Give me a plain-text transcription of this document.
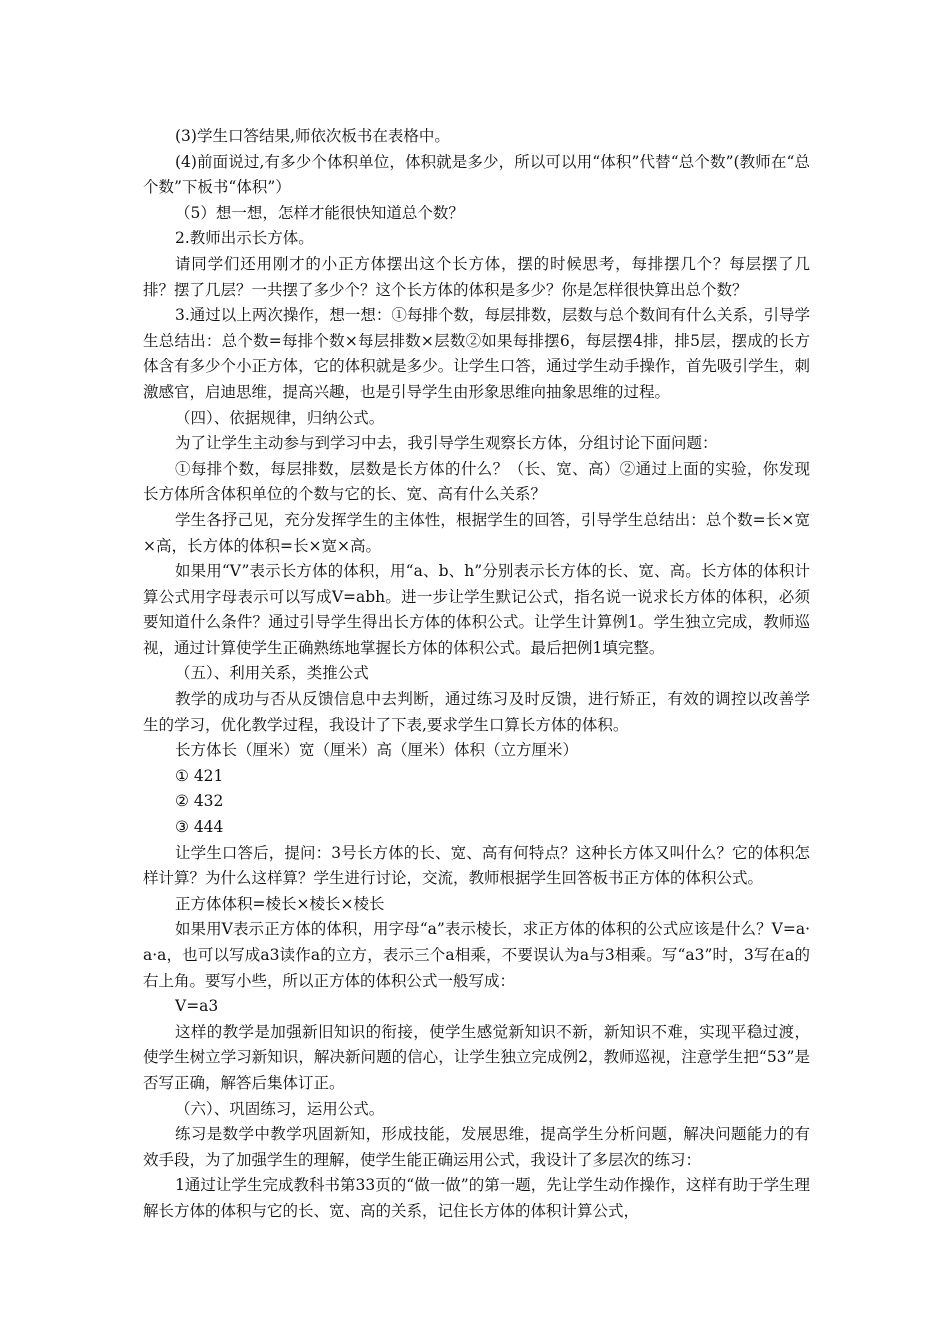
(3)学生口答结果,师依次板书在表格中。

(4)前面说过,有多少个体积单位，体积就是多少，所以可以用“体积”代替“总个数”(教师在“总个数”下板书“体积”）

（5）想一想，怎样才能很快知道总个数？

2.教师出示长方体。

请同学们还用刚才的小正方体摆出这个长方体，摆的时候思考，每排摆几个？每层摆了几排？摆了几层？一共摆了多少个？这个长方体的体积是多少？你是怎样很快算出总个数？

3.通过以上两次操作，想一想：①每排个数，每层排数，层数与总个数间有什么关系，引导学生总结出：总个数=每排个数×每层排数×层数②如果每排摆6，每层摆4排，排5层，摆成的长方体含有多少个小正方体，它的体积就是多少。让学生口答，通过学生动手操作，首先吸引学生，刺激感官，启迪思维，提高兴趣，也是引导学生由形象思维向抽象思维的过程。

（四）、依据规律，归纳公式。

为了让学生主动参与到学习中去，我引导学生观察长方体，分组讨论下面问题：

①每排个数，每层排数，层数是长方体的什么？（长、宽、高）②通过上面的实验，你发现长方体所含体积单位的个数与它的长、宽、高有什么关系？

学生各抒己见，充分发挥学生的主体性，根据学生的回答，引导学生总结出：总个数=长×宽×高，长方体的体积=长×宽×高。

如果用“V”表示长方体的体积，用“a、b、h”分别表示长方体的长、宽、高。长方体的体积计算公式用字母表示可以写成V=abh。进一步让学生默记公式，指名说一说求长方体的体积，必须要知道什么条件？通过引导学生得出长方体的体积公式。让学生计算例1。学生独立完成，教师巡视，通过计算使学生正确熟练地掌握长方体的体积公式。最后把例1填完整。

（五）、利用关系，类推公式

教学的成功与否从反馈信息中去判断，通过练习及时反馈，进行矫正，有效的调控以改善学生的学习，优化教学过程，我设计了下表,要求学生口算长方体的体积。

长方体长（厘米）宽（厘米）高（厘米）体积（立方厘米）

① 421

② 432

③ 444

让学生口答后，提问：3号长方体的长、宽、高有何特点？这种长方体又叫什么？它的体积怎样计算？为什么这样算？学生进行讨论，交流，教师根据学生回答板书正方体的体积公式。

正方体体积=棱长×棱长×棱长

如果用V表示正方体的体积，用字母“a”表示棱长，求正方体的体积的公式应该是什么？V=a·a·a，也可以写成a3读作a的立方，表示三个a相乘，不要误认为a与3相乘。写“a3”时，3写在a的右上角。要写小些，所以正方体的体积公式一般写成：

V=a3

这样的教学是加强新旧知识的衔接，使学生感觉新知识不新，新知识不难，实现平稳过渡，使学生树立学习新知识，解决新问题的信心，让学生独立完成例2，教师巡视，注意学生把“53”是否写正确，解答后集体订正。

（六）、巩固练习，运用公式。

练习是数学中教学巩固新知，形成技能，发展思维，提高学生分析问题，解决问题能力的有效手段，为了加强学生的理解，使学生能正确运用公式，我设计了多层次的练习：

1通过让学生完成教科书第33页的“做一做”的第一题，先让学生动作操作，这样有助于学生理解长方体的体积与它的长、宽、高的关系，记住长方体的体积计算公式，
